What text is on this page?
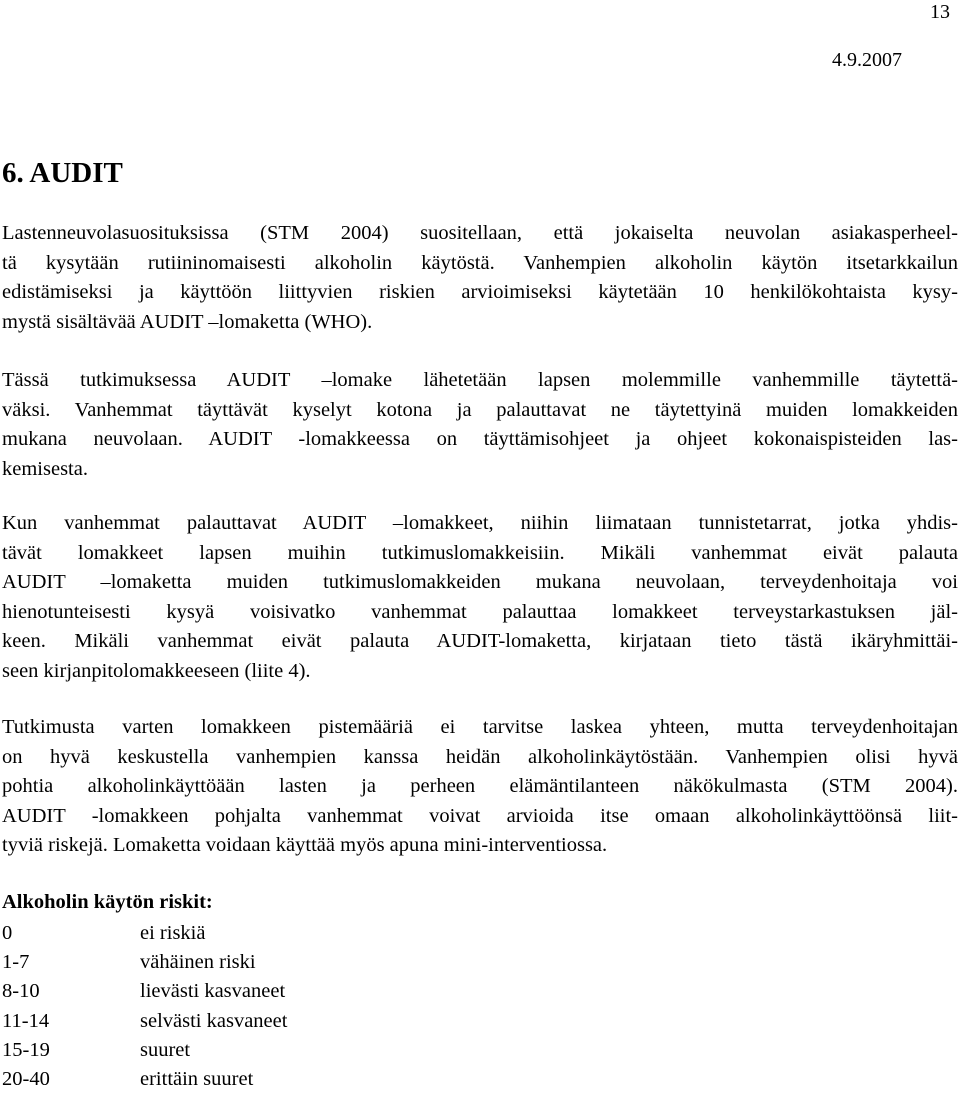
13
4.9.2007
6. AUDIT

Lastenneuvolasuosituksissa (STM 2004) suositellaan, että jokaiselta neuvolan asiakasperheel-
tä kysytään rutiininomaisesti alkoholin käytöstä. Vanhempien alkoholin käytön itsetarkkailun
edistämiseksi ja käyttöön liittyvien riskien arvioimiseksi käytetään 10 henkilökohtaista kysy-
mystä sisältävää AUDIT –lomaketta (WHO).

Tässä tutkimuksessa AUDIT –lomake lähetetään lapsen molemmille vanhemmille täytettä-
väksi. Vanhemmat täyttävät kyselyt kotona ja palauttavat ne täytettyinä muiden lomakkeiden
mukana neuvolaan. AUDIT -lomakkeessa on täyttämisohjeet ja ohjeet kokonaispisteiden las-
kemisesta.

Kun vanhemmat palauttavat AUDIT –lomakkeet, niihin liimataan tunnistetarrat, jotka yhdis-
tävät lomakkeet lapsen muihin tutkimuslomakkeisiin. Mikäli vanhemmat eivät palauta
AUDIT –lomaketta muiden tutkimuslomakkeiden mukana neuvolaan, terveydenhoitaja voi
hienotunteisesti kysyä voisivatko vanhemmat palauttaa lomakkeet terveystarkastuksen jäl-
keen. Mikäli vanhemmat eivät palauta AUDIT-lomaketta, kirjataan tieto tästä ikäryhmittäi-
seen kirjanpitolomakkeeseen (liite 4).

Tutkimusta varten lomakkeen pistemääriä ei tarvitse laskea yhteen, mutta terveydenhoitajan
on hyvä keskustella vanhempien kanssa heidän alkoholinkäytöstään. Vanhempien olisi hyvä
pohtia alkoholinkäyttöään lasten ja perheen elämäntilanteen näkökulmasta (STM 2004).
AUDIT -lomakkeen pohjalta vanhemmat voivat arvioida itse omaan alkoholinkäyttöönsä liit-
tyviä riskejä. Lomaketta voidaan käyttää myös apuna mini-interventiossa.

Alkoholin käytön riskit:
0	ei riskiä
1-7	vähäinen riski
8-10	lievästi kasvaneet
11-14	selvästi kasvaneet
15-19	suuret
20-40	erittäin suuret
